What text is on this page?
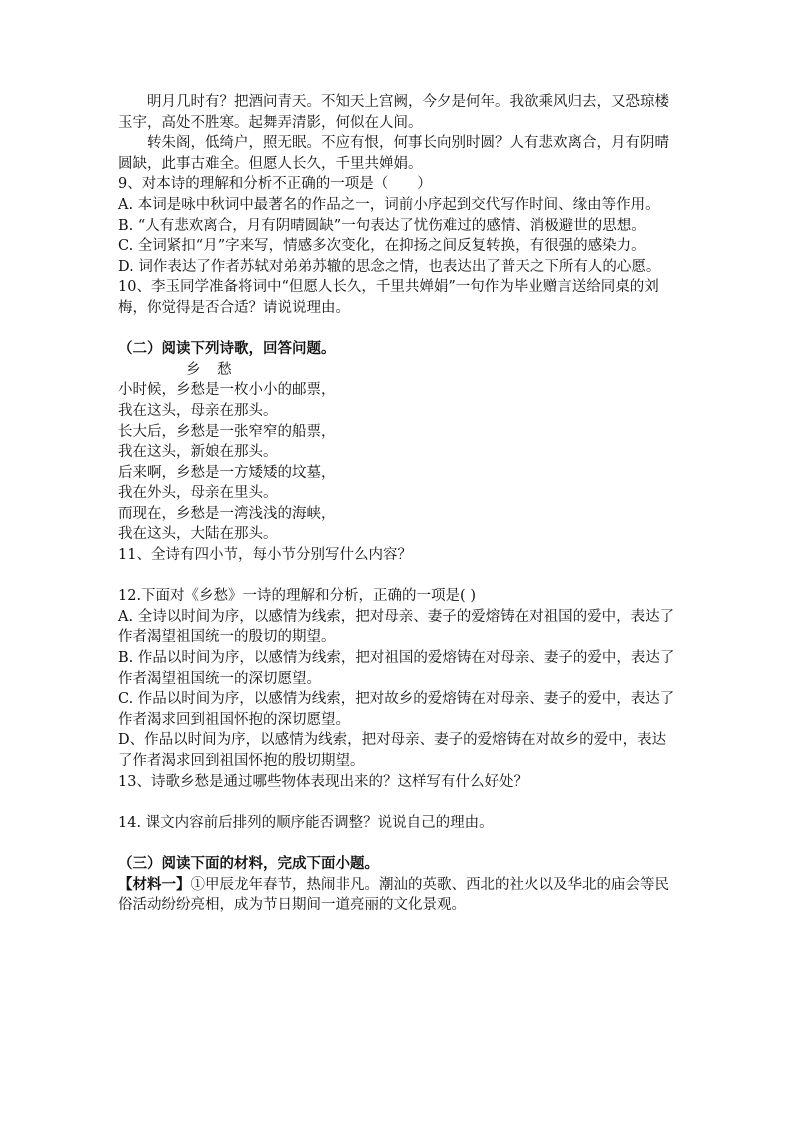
明月几时有？把酒问青天。不知天上宫阙，今夕是何年。我欲乘风归去，又恐琼楼玉宇，高处不胜寒。起舞弄清影，何似在人间。

转朱阁，低绮户，照无眠。不应有恨，何事长向别时圆？人有悲欢离合，月有阴晴圆缺，此事古难全。但愿人长久，千里共婵娟。

9、对本诗的理解和分析不正确的一项是（　　）

A. 本词是咏中秋词中最著名的作品之一，词前小序起到交代写作时间、缘由等作用。

B. “人有悲欢离合，月有阴晴圆缺”一句表达了忧伤难过的感情、消极避世的思想。

C. 全词紧扣“月”字来写，情感多次变化，在抑扬之间反复转换，有很强的感染力。

D. 词作表达了作者苏轼对弟弟苏辙的思念之情，也表达出了普天之下所有人的心愿。

10、李玉同学准备将词中“但愿人长久，千里共婵娟”一句作为毕业赠言送给同桌的刘梅，你觉得是否合适？请说说理由。

（二）阅读下列诗歌，回答问题。

乡 愁

小时候，乡愁是一枚小小的邮票，

我在这头，母亲在那头。

长大后，乡愁是一张窄窄的船票，

我在这头，新娘在那头。

后来啊，乡愁是一方矮矮的坟墓，

我在外头，母亲在里头。

而现在，乡愁是一湾浅浅的海峡，

我在这头，大陆在那头。

11、全诗有四小节，每小节分别写什么内容？

12.下面对《乡愁》一诗的理解和分析，正确的一项是( )

A. 全诗以时间为序，以感情为线索，把对母亲、妻子的爱熔铸在对祖国的爱中，表达了作者渴望祖国统一的殷切的期望。

B. 作品以时间为序，以感情为线索，把对祖国的爱熔铸在对母亲、妻子的爱中，表达了作者渴望祖国统一的深切愿望。

C. 作品以时间为序，以感情为线索，把对故乡的爱熔铸在对母亲、妻子的爱中，表达了作者渴求回到祖国怀抱的深切愿望。

D、作品以时间为序，以感情为线索，把对母亲、妻子的爱熔铸在对故乡的爱中，表达了作者渴求回到祖国怀抱的殷切期望。

13、诗歌乡愁是通过哪些物体表现出来的？这样写有什么好处？

14. 课文内容前后排列的顺序能否调整？说说自己的理由。

（三）阅读下面的材料，完成下面小题。

【材料一】①甲辰龙年春节，热闹非凡。潮汕的英歌、西北的社火以及华北的庙会等民俗活动纷纷亮相，成为节日期间一道亮丽的文化景观。
